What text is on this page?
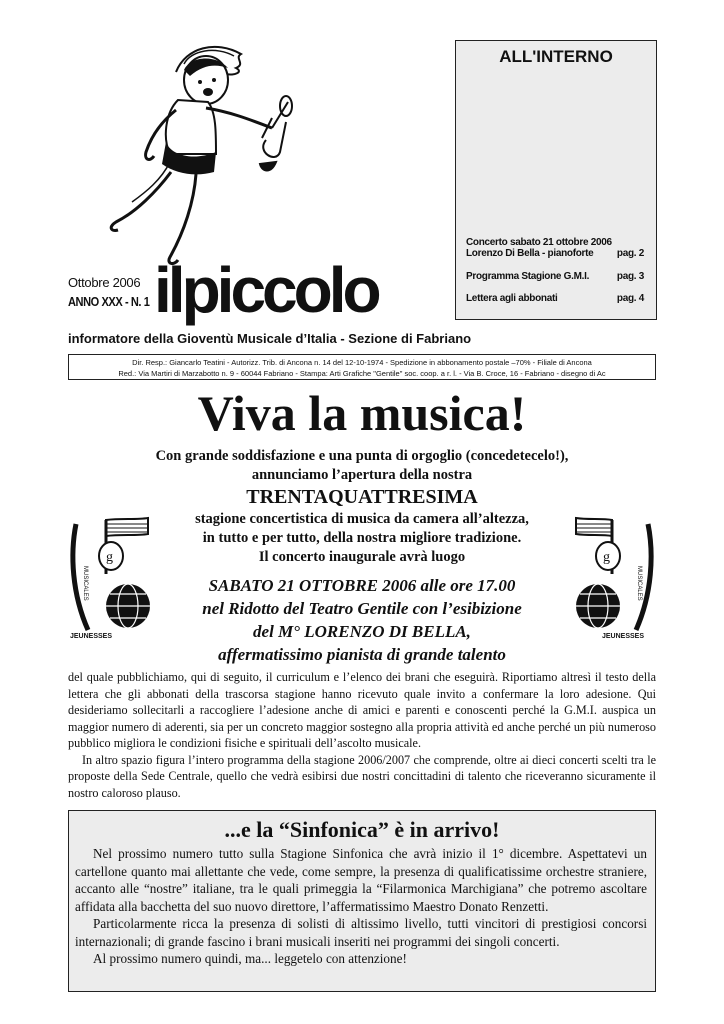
Ottobre 2006
ANNO XXX - N. 1 ilpiccolo
informatore della Gioventù Musicale d’Italia - Sezione di Fabriano
ALL'INTERNO
Concerto sabato 21 ottobre 2006
Lorenzo Di Bella - pianoforte	pag. 2
Programma Stagione G.M.I.	pag. 3
Lettera agli abbonati	pag. 4
Dir. Resp.: Giancarlo Teatini - Autorizz. Trib. di Ancona n. 14 del 12-10-1974 - Spedizione in abbonamento postale –70% - Filiale di Ancona
Red.: Via Martiri di Marzabotto n. 9 - 60044 Fabriano - Stampa: Arti Grafiche "Gentile" soc. coop. a r. l. - Via B. Croce, 16 - Fabriano - disegno di Ac
Viva la musica!
Con grande soddisfazione e una punta di orgoglio (concedetecelo!),
annunciamo l’apertura della nostra
TRENTAQUATTRESIMA
stagione concertistica di musica da camera all’altezza,
in tutto e per tutto, della nostra migliore tradizione.
Il concerto inaugurale avrà luogo
SABATO 21 OTTOBRE 2006 alle ore 17.00
nel Ridotto del Teatro Gentile con l’esibizione
del M° LORENZO DI BELLA,
affermatissimo pianista di grande talento
g
JEUNESSES
MUSICALES
g
JEUNESSES
MUSICALES

del quale pubblichiamo, qui di seguito, il curriculum e l’elenco dei brani che eseguirà. Riportiamo altresì il testo della lettera che gli abbonati della trascorsa stagione hanno ricevuto quale invito a confermare la loro adesione. Qui desideriamo sollecitarli a raccogliere l’adesione anche di amici e parenti e conoscenti perché la G.M.I. auspica un maggior numero di aderenti, sia per un concreto maggior sostegno alla propria attività ed anche perché un più numeroso pubblico migliora le condizioni fisiche e spirituali dell’ascolto musicale.

In altro spazio figura l’intero programma della stagione 2006/2007 che comprende, oltre ai dieci concerti scelti tra le proposte della Sede Centrale, quello che vedrà esibirsi due nostri concittadini di talento che riceveranno sicuramente il nostro caloroso plauso.

...e la “Sinfonica” è in arrivo!

Nel prossimo numero tutto sulla Stagione Sinfonica che avrà inizio il 1° dicembre. Aspettatevi un cartellone quanto mai allettante che vede, come sempre, la presenza di qualificatissime orchestre straniere, accanto alle “nostre” italiane, tra le quali primeggia la “Filarmonica Marchigiana” che potremo ascoltare affidata alla bacchetta del suo nuovo direttore, l’affermatissimo Maestro Donato Renzetti.

Particolarmente ricca la presenza di solisti di altissimo livello, tutti vincitori di prestigiosi concorsi internazionali; di grande fascino i brani musicali inseriti nei programmi dei singoli concerti.

Al prossimo numero quindi, ma... leggetelo con attenzione!
